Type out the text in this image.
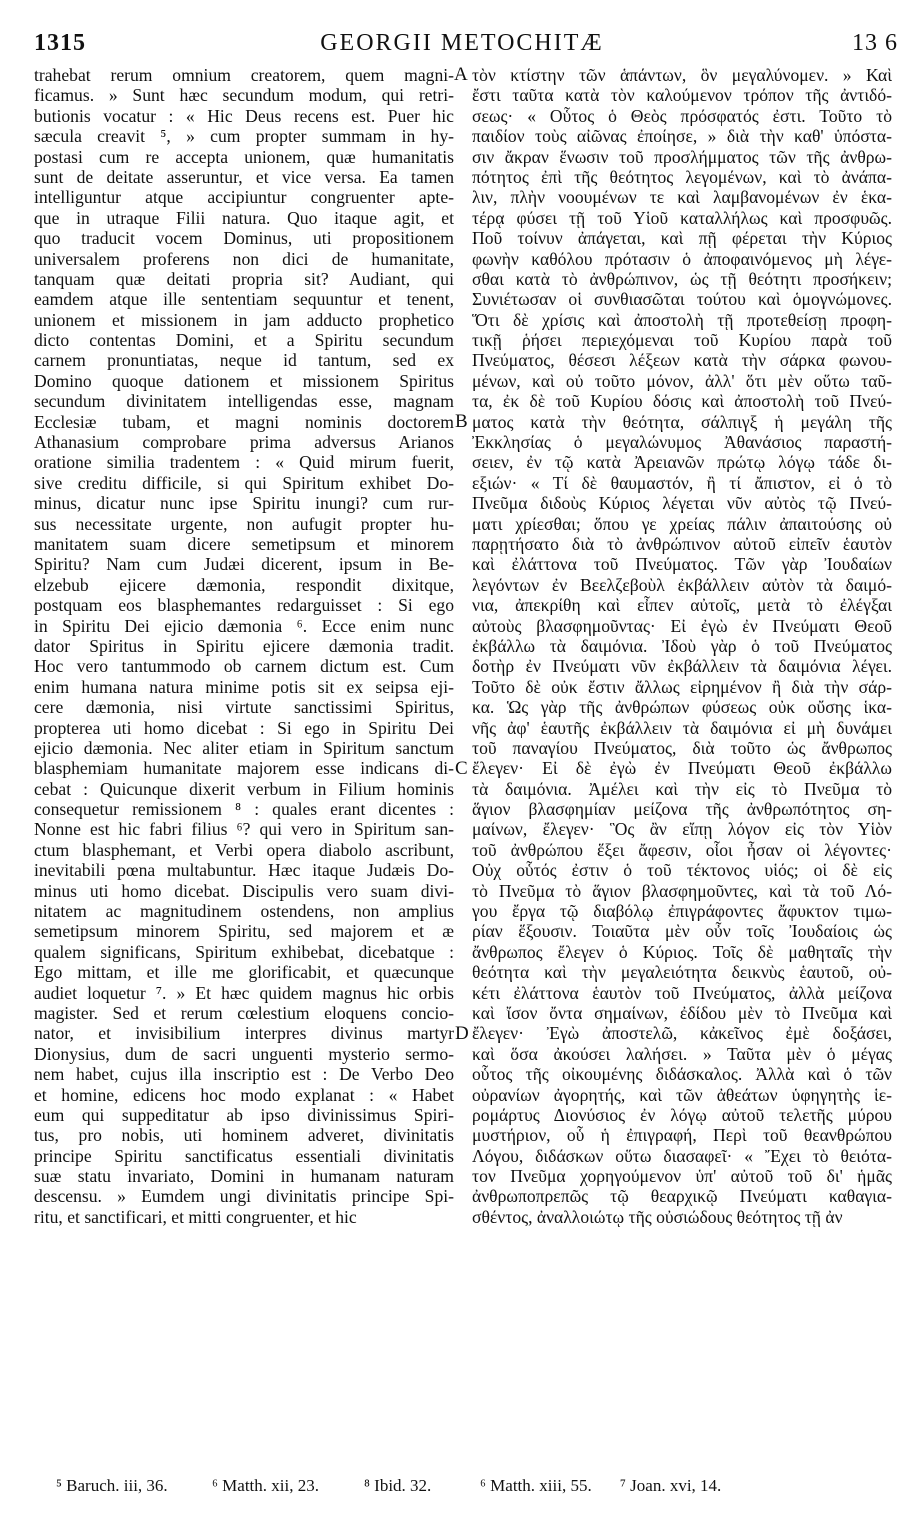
1315	GEORGII METOCHITÆ	13 6
trahebat rerum omnium creatorem, quem magni-
ficamus. » Sunt hæc secundum modum, qui retri-
butionis vocatur : « Hic Deus recens est. Puer hic
sæcula creavit ⁵, » cum propter summam in hy-
postasi cum re accepta unionem, quæ humanitatis
sunt de deitate asseruntur, et vice versa. Ea tamen
intelliguntur atque accipiuntur congruenter apte-
que in utraque Filii natura. Quo itaque agit, et
quo traducit vocem Dominus, uti propositionem
universalem proferens non dici de humanitate,
tanquam quæ deitati propria sit? Audiant, qui
eamdem atque ille sententiam sequuntur et tenent,
unionem et missionem in jam adducto prophetico
dicto contentas Domini, et a Spiritu secundum
carnem pronuntiatas, neque id tantum, sed ex
Domino quoque dationem et missionem Spiritus
secundum divinitatem intelligendas esse, magnam
Ecclesiæ tubam, et magni nominis doctorem
Athanasium comprobare prima adversus Arianos
oratione similia tradentem : « Quid mirum fuerit,
sive creditu difficile, si qui Spiritum exhibet Do-
minus, dicatur nunc ipse Spiritu inungi? cum rur-
sus necessitate urgente, non aufugit propter hu-
manitatem suam dicere semetipsum et minorem
Spiritu? Nam cum Judæi dicerent, ipsum in Be-
elzebub ejicere dæmonia, respondit dixitque,
postquam eos blasphemantes redarguisset : Si ego
in Spiritu Dei ejicio dæmonia ⁶. Ecce enim nunc
dator Spiritus in Spiritu ejicere dæmonia tradit.
Hoc vero tantummodo ob carnem dictum est. Cum
enim humana natura minime potis sit ex seipsa eji-
cere dæmonia, nisi virtute sanctissimi Spiritus,
propterea uti homo dicebat : Si ego in Spiritu Dei
ejicio dæmonia. Nec aliter etiam in Spiritum sanctum
blasphemiam humanitate majorem esse indicans di-
cebat : Quicunque dixerit verbum in Filium hominis
consequetur remissionem ⁸ : quales erant dicentes :
Nonne est hic fabri filius ⁶? qui vero in Spiritum san-
ctum blasphemant, et Verbi opera diabolo ascribunt,
inevitabili pœna multabuntur. Hæc itaque Judæis Do-
minus uti homo dicebat. Discipulis vero suam divi-
nitatem ac magnitudinem ostendens, non amplius
semetipsum minorem Spiritu, sed majorem et æ
qualem significans, Spiritum exhibebat, dicebatque :
Ego mittam, et ille me glorificabit, et quæcunque
audiet loquetur ⁷. » Et hæc quidem magnus hic orbis
magister. Sed et rerum cœlestium eloquens concio-
nator, et invisibilium interpres divinus martyr
Dionysius, dum de sacri unguenti mysterio sermo-
nem habet, cujus illa inscriptio est : De Verbo Deo
et homine, edicens hoc modo explanat : « Habet
eum qui suppeditatur ab ipso divinissimus Spiri-
tus, pro nobis, uti hominem adveret, divinitatis
principe Spiritu sanctificatus essentiali divinitatis
suæ statu invariato, Domini in humanam naturam
descensu. » Eumdem ungi divinitatis principe Spi-
ritu, et sanctificari, et mitti congruenter, et hic
τὸν κτίστην τῶν ἁπάντων, ὃν μεγαλύνομεν. » Καὶ
ἔστι ταῦτα κατὰ τὸν καλούμενον τρόπον τῆς ἀντιδό-
σεως· « Οὗτος ὁ Θεὸς πρόσφατός ἐστι. Τοῦτο τὸ
παιδίον τοὺς αἰῶνας ἐποίησε, » διὰ τὴν καθ' ὑπόστα-
σιν ἄκραν ἕνωσιν τοῦ προσλήμματος τῶν τῆς ἀνθρω-
πότητος ἐπὶ τῆς θεότητος λεγομένων, καὶ τὸ ἀνάπα-
λιν, πλὴν νοουμένων τε καὶ λαμβανομένων ἐν ἑκα-
τέρᾳ φύσει τῇ τοῦ Υἱοῦ καταλλήλως καὶ προσφυῶς.
Ποῦ τοίνυν ἀπάγεται, καὶ πῇ φέρεται τὴν Κύριος
φωνὴν καθόλου πρότασιν ὁ ἀποφαινόμενος μὴ λέγε-
σθαι κατὰ τὸ ἀνθρώπινον, ὡς τῇ θεότητι προσήκειν;
Συνιέτωσαν οἱ συνθιασῶται τούτου καὶ ὁμογνώμονες.
Ὅτι δὲ χρίσις καὶ ἀποστολὴ τῇ προτεθείσῃ προφη-
τικῇ ῥήσει περιεχόμεναι τοῦ Κυρίου παρὰ τοῦ
Πνεύματος, θέσεσι λέξεων κατὰ τὴν σάρκα φωνου-
μένων, καὶ οὐ τοῦτο μόνον, ἀλλ' ὅτι μὲν οὕτω ταῦ-
τα, ἐκ δὲ τοῦ Κυρίου δόσις καὶ ἀποστολὴ τοῦ Πνεύ-
ματος κατὰ τὴν θεότητα, σάλπιγξ ἡ μεγάλη τῆς
Ἐκκλησίας ὁ μεγαλώνυμος Ἀθανάσιος παραστή-
σειεν, ἐν τῷ κατὰ Ἀρειανῶν πρώτῳ λόγῳ τάδε δι-
εξιών· « Τί δὲ θαυμαστόν, ἢ τί ἄπιστον, εἰ ὁ τὸ
Πνεῦμα διδοὺς Κύριος λέγεται νῦν αὐτὸς τῷ Πνεύ-
ματι χρίεσθαι; ὅπου γε χρείας πάλιν ἀπαιτούσης οὐ
παρῃτήσατο διὰ τὸ ἀνθρώπινον αὐτοῦ εἰπεῖν ἑαυτὸν
καὶ ἐλάττονα τοῦ Πνεύματος. Τῶν γὰρ Ἰουδαίων
λεγόντων ἐν Βεελζεβοὺλ ἐκβάλλειν αὐτὸν τὰ δαιμό-
νια, ἀπεκρίθη καὶ εἶπεν αὐτοῖς, μετὰ τὸ ἐλέγξαι
αὐτοὺς βλασφημοῦντας· Εἰ ἐγὼ ἐν Πνεύματι Θεοῦ
ἐκβάλλω τὰ δαιμόνια. Ἰδοὺ γὰρ ὁ τοῦ Πνεύματος
δοτὴρ ἐν Πνεύματι νῦν ἐκβάλλειν τὰ δαιμόνια λέγει.
Τοῦτο δὲ οὐκ ἔστιν ἄλλως εἰρημένον ἢ διὰ τὴν σάρ-
κα. Ὡς γὰρ τῆς ἀνθρώπων φύσεως οὐκ οὔσης ἱκα-
νῆς ἀφ' ἑαυτῆς ἐκβάλλειν τὰ δαιμόνια εἰ μὴ δυνάμει
τοῦ παναγίου Πνεύματος, διὰ τοῦτο ὡς ἄνθρωπος
ἔλεγεν· Εἰ δὲ ἐγὼ ἐν Πνεύματι Θεοῦ ἐκβάλλω
τὰ δαιμόνια. Ἀμέλει καὶ τὴν εἰς τὸ Πνεῦμα τὸ
ἅγιον βλασφημίαν μείζονα τῆς ἀνθρωπότητος ση-
μαίνων, ἔλεγεν· Ὃς ἂν εἴπῃ λόγον εἰς τὸν Υἱὸν
τοῦ ἀνθρώπου ἕξει ἄφεσιν, οἷοι ἦσαν οἱ λέγοντες·
Οὐχ οὗτός ἐστιν ὁ τοῦ τέκτονος υἱός; οἱ δὲ εἰς
τὸ Πνεῦμα τὸ ἅγιον βλασφημοῦντες, καὶ τὰ τοῦ Λό-
γου ἔργα τῷ διαβόλῳ ἐπιγράφοντες ἄφυκτον τιμω-
ρίαν ἕξουσιν. Τοιαῦτα μὲν οὖν τοῖς Ἰουδαίοις ὡς
ἄνθρωπος ἔλεγεν ὁ Κύριος. Τοῖς δὲ μαθηταῖς τὴν
θεότητα καὶ τὴν μεγαλειότητα δεικνὺς ἑαυτοῦ, οὐ-
κέτι ἐλάττονα ἑαυτὸν τοῦ Πνεύματος, ἀλλὰ μείζονα
καὶ ἴσον ὄντα σημαίνων, ἐδίδου μὲν τὸ Πνεῦμα καὶ
ἔλεγεν· Ἐγὼ ἀποστελῶ, κἀκεῖνος ἐμὲ δοξάσει,
καὶ ὅσα ἀκούσει λαλήσει. » Ταῦτα μὲν ὁ μέγας
οὗτος τῆς οἰκουμένης διδάσκαλος. Ἀλλὰ καὶ ὁ τῶν
οὐρανίων ἀγορητής, καὶ τῶν ἀθεάτων ὑφηγητὴς ἱε-
ρομάρτυς Διονύσιος ἐν λόγῳ αὐτοῦ τελετῆς μύρου
μυστήριον, οὗ ἡ ἐπιγραφή, Περὶ τοῦ θεανθρώπου
Λόγου, διδάσκων οὕτω διασαφεῖ· « Ἔχει τὸ θειότα-
τον Πνεῦμα χορηγούμενον ὑπ' αὐτοῦ τοῦ δι' ἡμᾶς
ἀνθρωποπρεπῶς τῷ θεαρχικῷ Πνεύματι καθαγια-
σθέντος, ἀναλλοιώτῳ τῆς οὐσιώδους θεότητος τῇ ἀν
A
B
C
D
⁵ Baruch. iii, 36.	⁶ Matth. xii, 23.	⁸ Ibid. 32.	⁶ Matth. xiii, 55. ⁷ Joan. xvi, 14.
